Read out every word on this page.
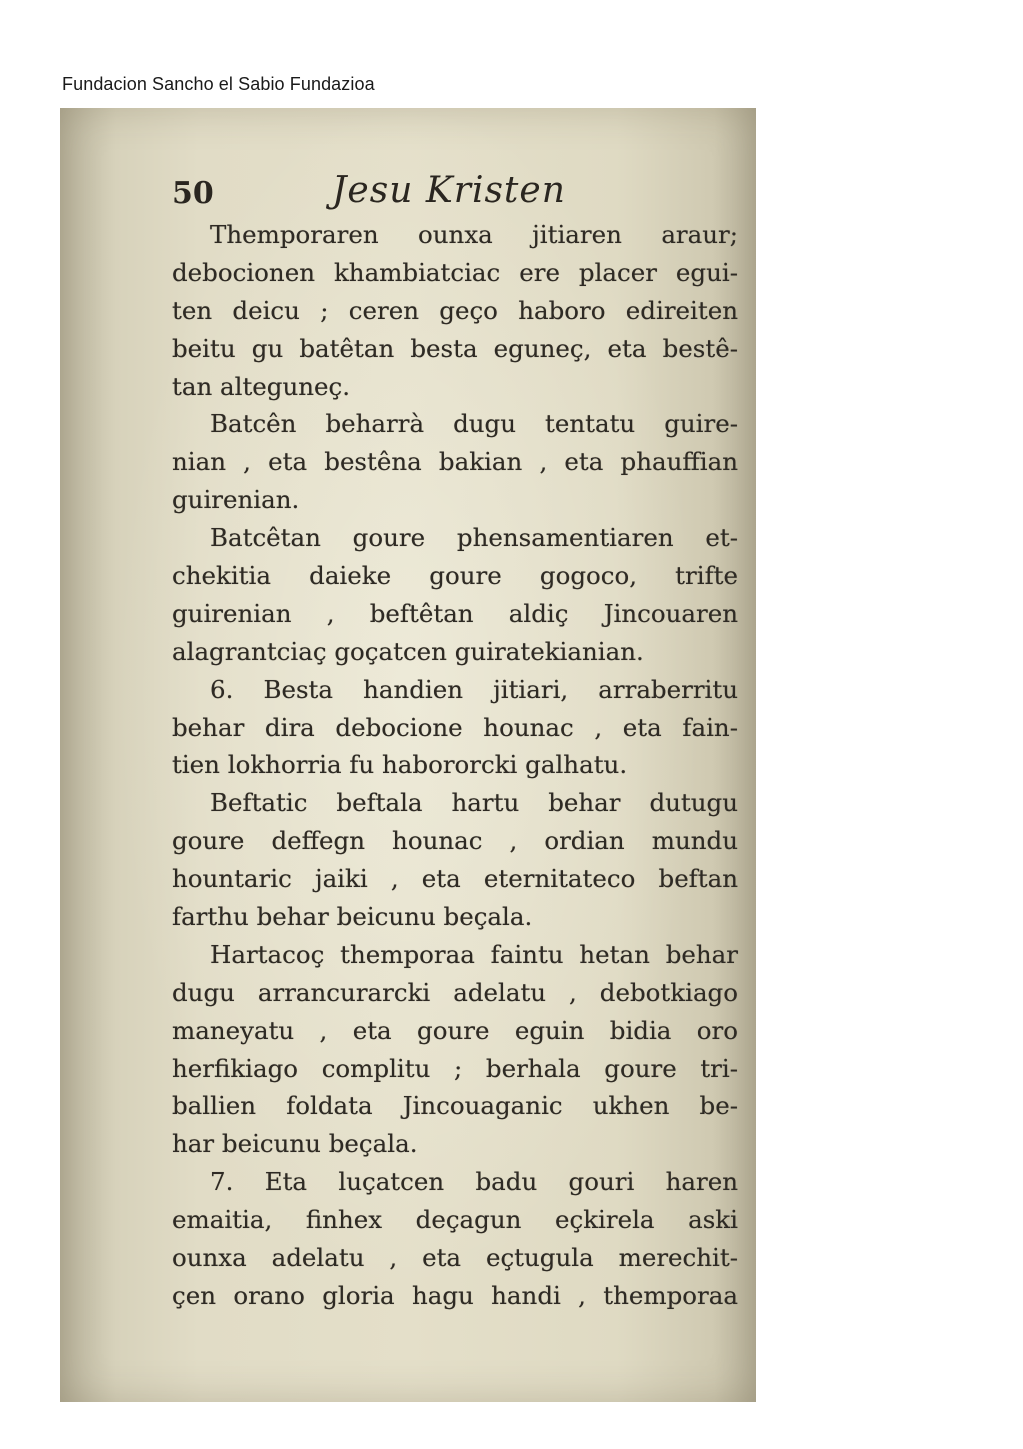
Fundacion Sancho el Sabio Fundazioa
50	Jesu Kristen
Themporaren ounxa jitiaren araur;
debocionen khambiatciac ere placer egui-
ten deicu ; ceren geço haboro edireiten
beitu gu batêtan besta eguneç, eta bestê-
tan alteguneç.
Batcên beharrà dugu tentatu guire-
nian , eta bestêna bakian , eta phauffian
guirenian.
Batcêtan goure phensamentiaren et-
chekitia daieke goure gogoco, trifte
guirenian , beftêtan aldiç Jincouaren
alagrantciaç goçatcen guiratekianian.
6. Besta handien jitiari, arraberritu
behar dira debocione hounac , eta fain-
tien lokhorria fu habororcki galhatu.
Beftatic beftala hartu behar dutugu
goure deffegn hounac , ordian mundu
hountaric jaiki , eta eternitateco beftan
farthu behar beicunu beçala.
Hartacoç themporaa faintu hetan behar
dugu arrancurarcki adelatu , debotkiago
maneyatu , eta goure eguin bidia oro
herfikiago complitu ; berhala goure tri-
ballien foldata Jincouaganic ukhen be-
har beicunu beçala.
7. Eta luçatcen badu gouri haren
emaitia, finhex deçagun eçkirela aski
ounxa adelatu , eta eçtugula merechit-
çen orano gloria hagu handi , themporaa
